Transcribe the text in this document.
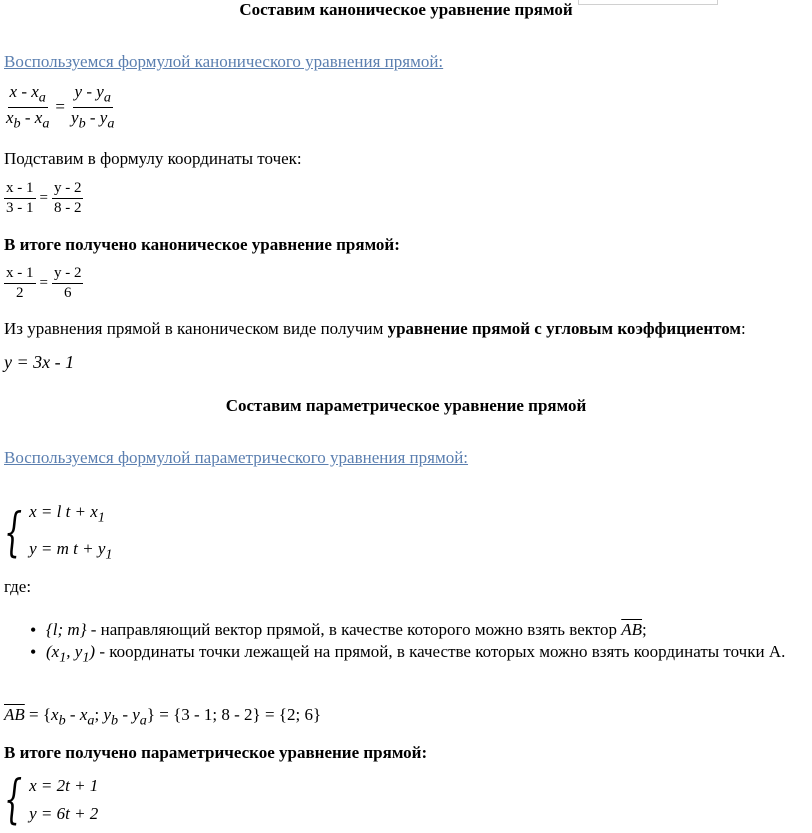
Составим каноническое уравнение прямой
Воспользуемся формулой канонического уравнения прямой:
$\frac{x - x_a}{x_b - x_a} = \frac{y - y_a}{y_b - y_a}$
Подставим в формулу координаты точек:
$\frac{x - 1}{3 - 1} = \frac{y - 2}{8 - 2}$
В итоге получено каноническое уравнение прямой:
$\frac{x - 1}{2} = \frac{y - 2}{6}$
Из уравнения прямой в каноническом виде получим уравнение прямой с угловым коэффициентом:
y = 3x - 1
Составим параметрическое уравнение прямой
Воспользуемся формулой параметрического уравнения прямой:
{ x = l $t + x_1$
y = m $t + y_1$
где:
• {l; m} - направляющий вектор прямой, в качестве которого можно взять вектор $\overline{AB}$;
• ($x_1$, $y_1$) - координаты точки лежащей на прямой, в качестве которых можно взять координаты точки А.
$\overline{AB} = \{x_b - x_a$; $y_b - y_a\} = \{3 - 1$; 8 - 2} = {2; 6}
В итоге получено параметрическое уравнение прямой:
{ x = 2t + 1
y = 6t + 2
